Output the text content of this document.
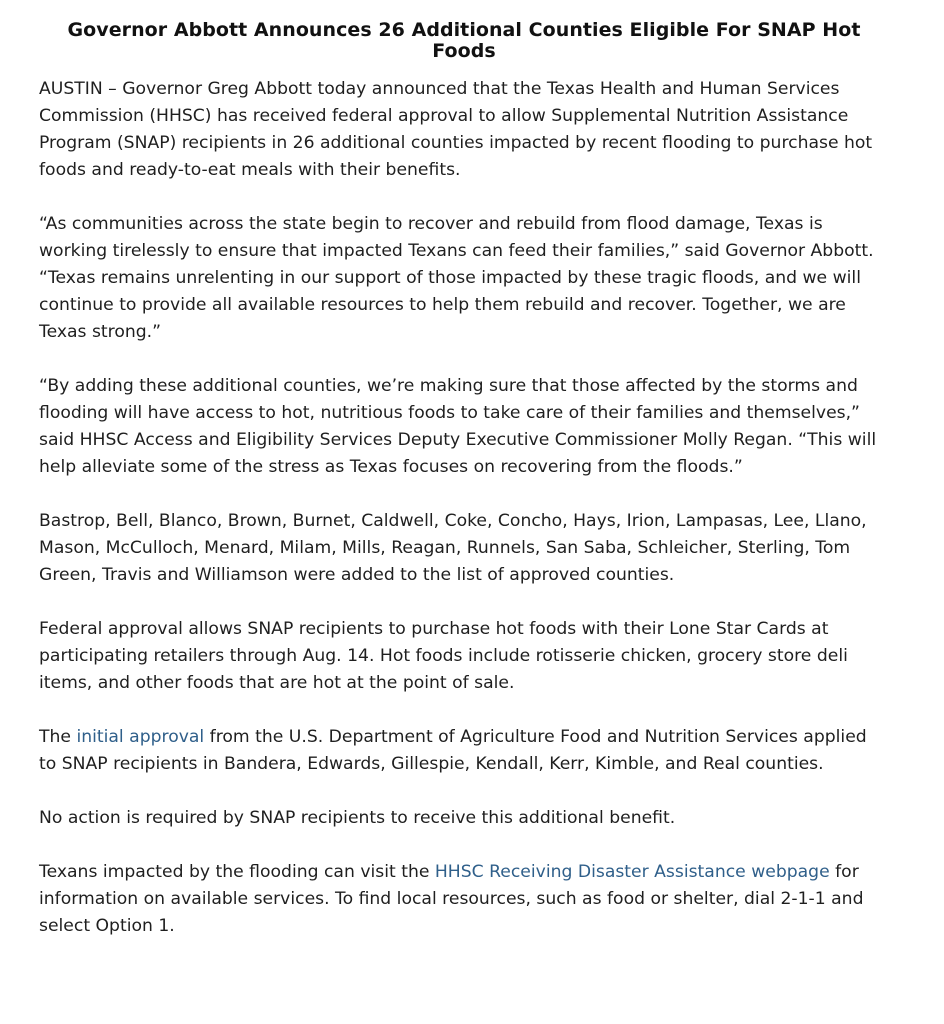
Governor Abbott Announces 26 Additional Counties Eligible For SNAP Hot Foods

AUSTIN – Governor Greg Abbott today announced that the Texas Health and Human Services Commission (HHSC) has received federal approval to allow Supplemental Nutrition Assistance Program (SNAP) recipients in 26 additional counties impacted by recent flooding to purchase hot foods and ready-to-eat meals with their benefits.

“As communities across the state begin to recover and rebuild from flood damage, Texas is working tirelessly to ensure that impacted Texans can feed their families,” said Governor Abbott. “Texas remains unrelenting in our support of those impacted by these tragic floods, and we will continue to provide all available resources to help them rebuild and recover. Together, we are Texas strong.”

“By adding these additional counties, we’re making sure that those affected by the storms and flooding will have access to hot, nutritious foods to take care of their families and themselves,” said HHSC Access and Eligibility Services Deputy Executive Commissioner Molly Regan. “This will help alleviate some of the stress as Texas focuses on recovering from the floods.”

Bastrop, Bell, Blanco, Brown, Burnet, Caldwell, Coke, Concho, Hays, Irion, Lampasas, Lee, Llano, Mason, McCulloch, Menard, Milam, Mills, Reagan, Runnels, San Saba, Schleicher, Sterling, Tom Green, Travis and Williamson were added to the list of approved counties.

Federal approval allows SNAP recipients to purchase hot foods with their Lone Star Cards at participating retailers through Aug. 14. Hot foods include rotisserie chicken, grocery store deli items, and other foods that are hot at the point of sale.

The initial approval from the U.S. Department of Agriculture Food and Nutrition Services applied to SNAP recipients in Bandera, Edwards, Gillespie, Kendall, Kerr, Kimble, and Real counties.

No action is required by SNAP recipients to receive this additional benefit.

Texans impacted by the flooding can visit the HHSC Receiving Disaster Assistance webpage for information on available services. To find local resources, such as food or shelter, dial 2-1-1 and select Option 1.
